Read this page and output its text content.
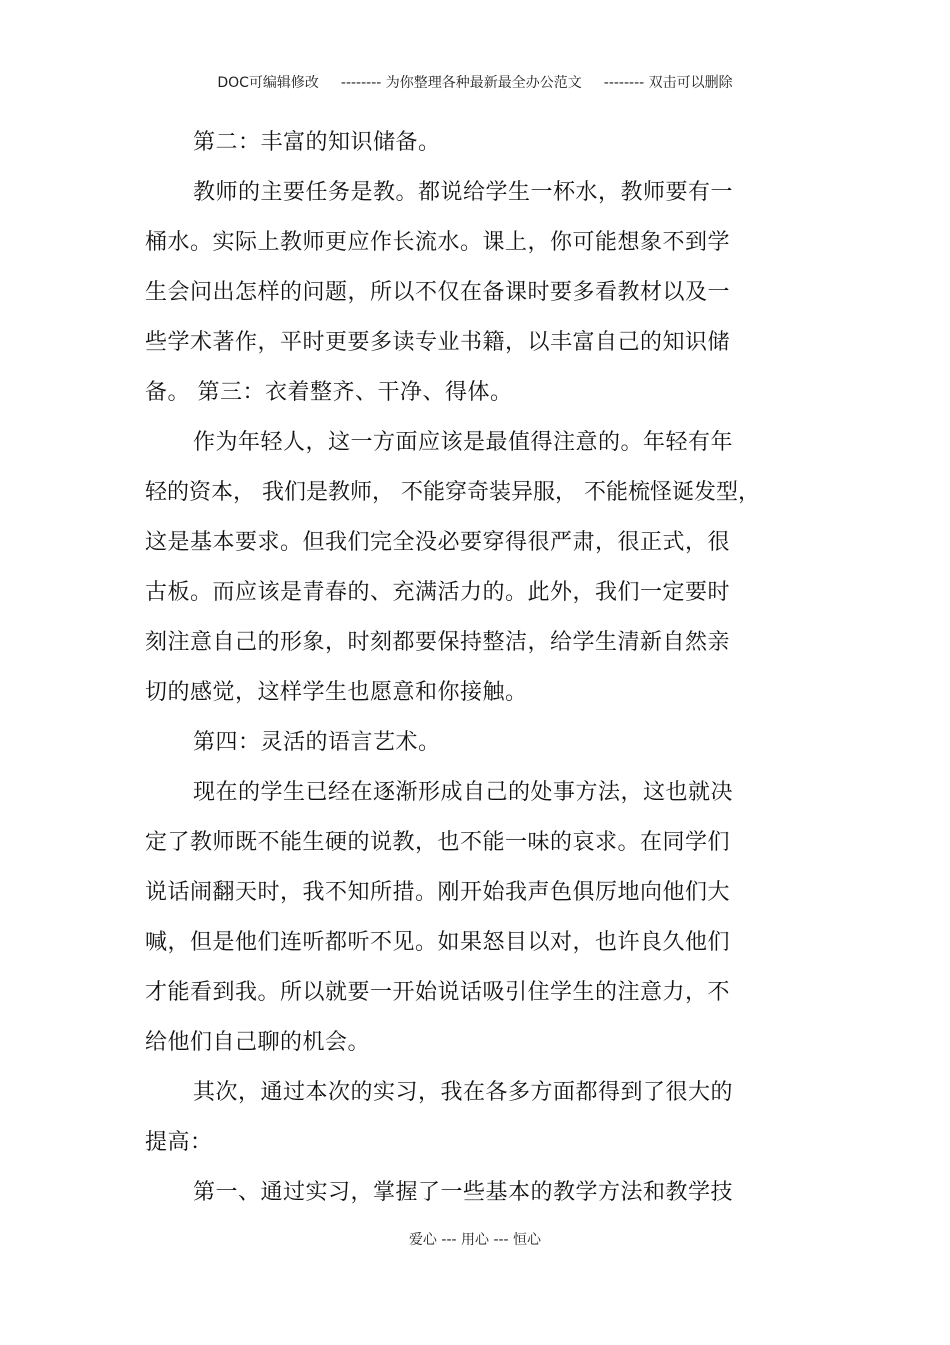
DOC可编辑修改 -------- 为你整理各种最新最全办公范文 -------- 双击可以删除
第二：丰富的知识储备。
教师的主要任务是教。都说给学生一杯水，教师要有一
桶水。实际上教师更应作长流水。课上，你可能想象不到学
生会问出怎样的问题，所以不仅在备课时要多看教材以及一
些学术著作，平时更要多读专业书籍，以丰富自己的知识储
备。 第三：衣着整齐、干净、得体。
作为年轻人，这一方面应该是最值得注意的。年轻有年
轻的资本， 我们是教师， 不能穿奇装异服， 不能梳怪诞发型，
这是基本要求。但我们完全没必要穿得很严肃，很正式，很
古板。而应该是青春的、充满活力的。此外，我们一定要时
刻注意自己的形象，时刻都要保持整洁，给学生清新自然亲
切的感觉，这样学生也愿意和你接触。
第四：灵活的语言艺术。
现在的学生已经在逐渐形成自己的处事方法，这也就决
定了教师既不能生硬的说教，也不能一味的哀求。在同学们
说话闹翻天时，我不知所措。刚开始我声色俱厉地向他们大
喊，但是他们连听都听不见。如果怒目以对，也许良久他们
才能看到我。所以就要一开始说话吸引住学生的注意力，不
给他们自己聊的机会。
其次，通过本次的实习，我在各多方面都得到了很大的
提高：
第一、通过实习，掌握了一些基本的教学方法和教学技
爱心 --- 用心 --- 恒心
